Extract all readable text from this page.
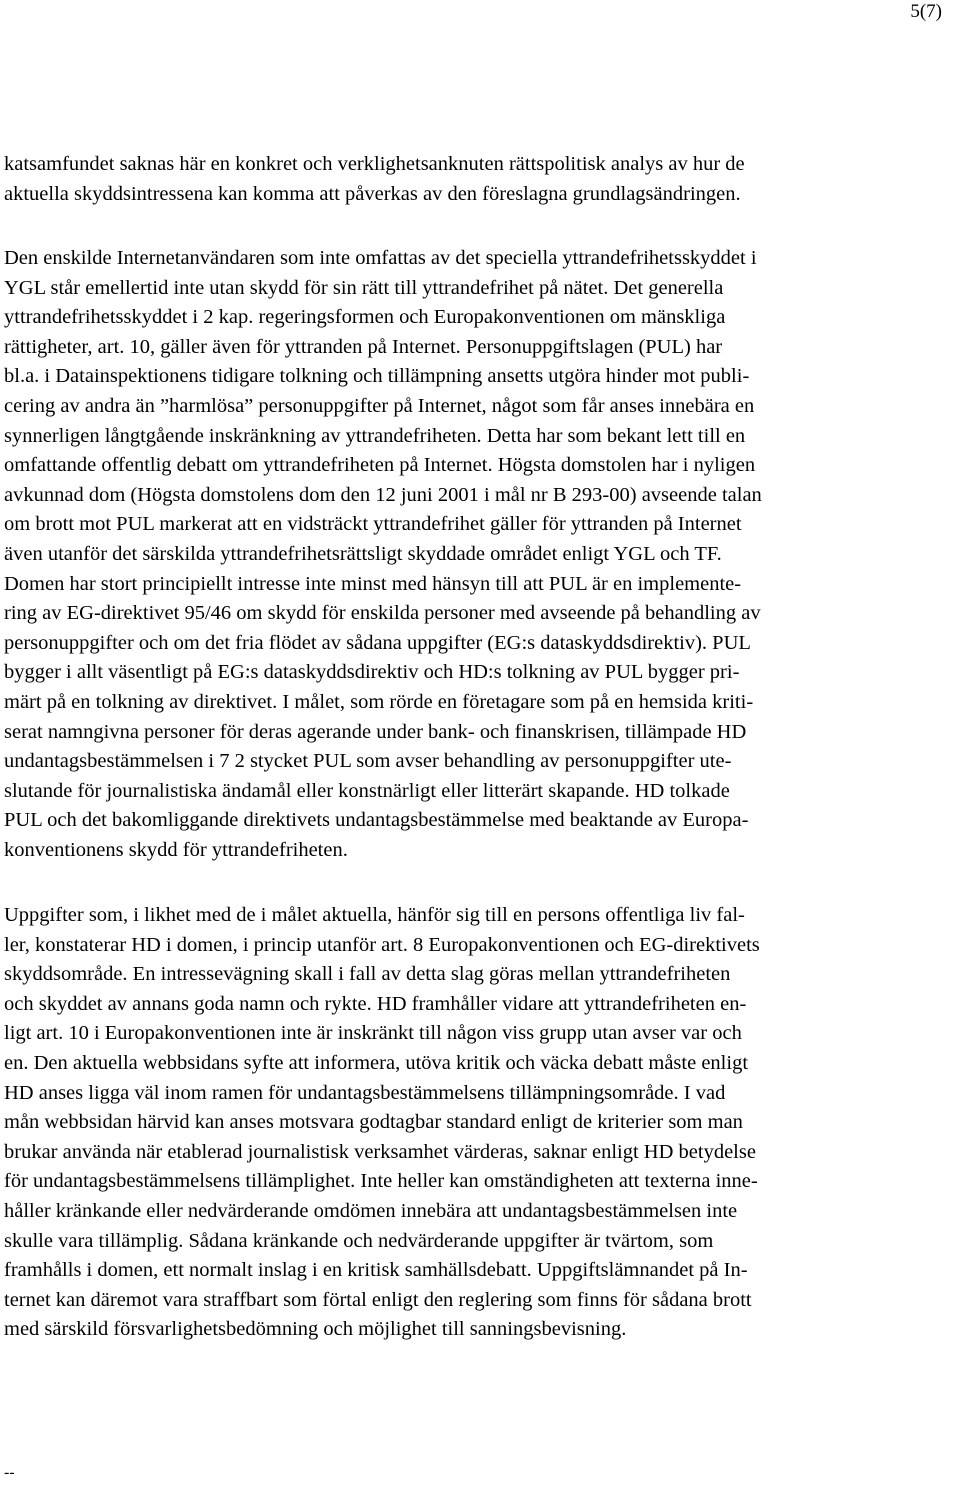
5(7)
katsamfundet saknas här en konkret och verklighetsanknuten rättspolitisk analys av hur de
aktuella skyddsintressena kan komma att påverkas av den föreslagna grundlagsändringen.
Den enskilde Internetanvändaren som inte omfattas av det speciella yttrandefrihetsskyddet i
YGL står emellertid inte utan skydd för sin rätt till yttrandefrihet på nätet. Det generella
yttrandefrihetsskyddet i 2 kap. regeringsformen och Europakonventionen om mänskliga
rättigheter, art. 10, gäller även för yttranden på Internet. Personuppgiftslagen (PUL) har
bl.a. i Datainspektionens tidigare tolkning och tillämpning ansetts utgöra hinder mot publi-
cering av andra än ”harmlösa” personuppgifter på Internet, något som får anses innebära en
synnerligen långtgående inskränkning av yttrandefriheten. Detta har som bekant lett till en
omfattande offentlig debatt om yttrandefriheten på Internet. Högsta domstolen har i nyligen
avkunnad dom (Högsta domstolens dom den 12 juni 2001 i mål nr B 293-00) avseende talan
om brott mot PUL markerat att en vidsträckt yttrandefrihet gäller för yttranden på Internet
även utanför det särskilda yttrandefrihetsrättsligt skyddade området enligt YGL och TF.
Domen har stort principiellt intresse inte minst med hänsyn till att PUL är en implemente-
ring av EG-direktivet 95/46 om skydd för enskilda personer med avseende på behandling av
personuppgifter och om det fria flödet av sådana uppgifter (EG:s dataskyddsdirektiv). PUL
bygger i allt väsentligt på EG:s dataskyddsdirektiv och HD:s tolkning av PUL bygger pri-
märt på en tolkning av direktivet. I målet, som rörde en företagare som på en hemsida kriti-
serat namngivna personer för deras agerande under bank- och finanskrisen, tillämpade HD
undantagsbestämmelsen i 7 2 stycket PUL som avser behandling av personuppgifter ute-
slutande för journalistiska ändamål eller konstnärligt eller litterärt skapande. HD tolkade
PUL och det bakomliggande direktivets undantagsbestämmelse med beaktande av Europa-
konventionens skydd för yttrandefriheten.
Uppgifter som, i likhet med de i målet aktuella, hänför sig till en persons offentliga liv fal-
ler, konstaterar HD i domen, i princip utanför art. 8 Europakonventionen och EG-direktivets
skyddsområde. En intressevägning skall i fall av detta slag göras mellan yttrandefriheten
och skyddet av annans goda namn och rykte. HD framhåller vidare att yttrandefriheten en-
ligt art. 10 i Europakonventionen inte är inskränkt till någon viss grupp utan avser var och
en. Den aktuella webbsidans syfte att informera, utöva kritik och väcka debatt måste enligt
HD anses ligga väl inom ramen för undantagsbestämmelsens tillämpningsområde. I vad
mån webbsidan härvid kan anses motsvara godtagbar standard enligt de kriterier som man
brukar använda när etablerad journalistisk verksamhet värderas, saknar enligt HD betydelse
för undantagsbestämmelsens tillämplighet. Inte heller kan omständigheten att texterna inne-
håller kränkande eller nedvärderande omdömen innebära att undantagsbestämmelsen inte
skulle vara tillämplig. Sådana kränkande och nedvärderande uppgifter är tvärtom, som
framhålls i domen, ett normalt inslag i en kritisk samhällsdebatt. Uppgiftslämnandet på In-
ternet kan däremot vara straffbart som förtal enligt den reglering som finns för sådana brott
med särskild försvarlighetsbedömning och möjlighet till sanningsbevisning.
--
